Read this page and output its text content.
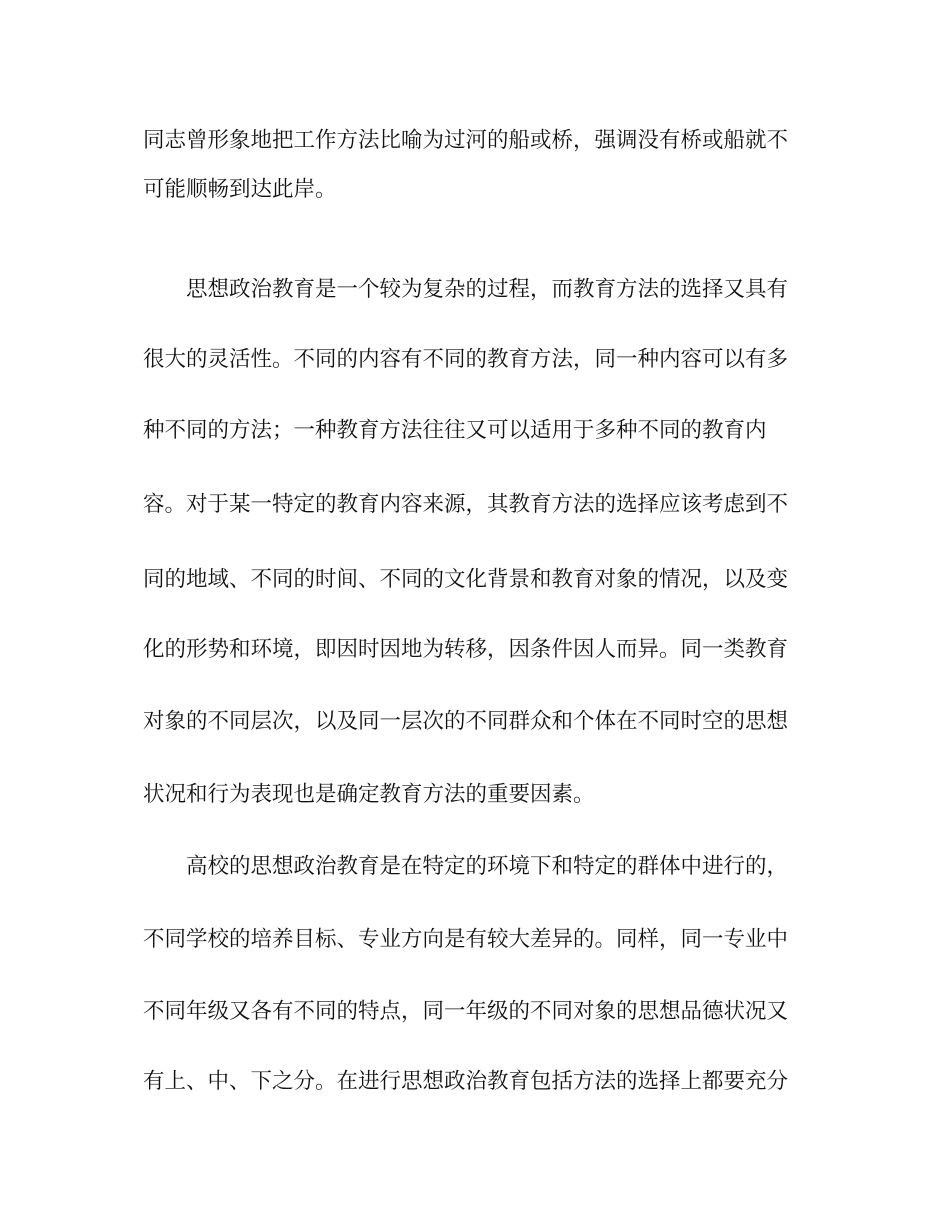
同志曾形象地把工作方法比喻为过河的船或桥，强调没有桥或船就不
可能顺畅到达此岸。
思想政治教育是一个较为复杂的过程，而教育方法的选择又具有
很大的灵活性。不同的内容有不同的教育方法，同一种内容可以有多
种不同的方法；一种教育方法往往又可以适用于多种不同的教育内
容。对于某一特定的教育内容来源，其教育方法的选择应该考虑到不
同的地域、不同的时间、不同的文化背景和教育对象的情况，以及变
化的形势和环境，即因时因地为转移，因条件因人而异。同一类教育
对象的不同层次，以及同一层次的不同群众和个体在不同时空的思想
状况和行为表现也是确定教育方法的重要因素。
高校的思想政治教育是在特定的环境下和特定的群体中进行的，
不同学校的培养目标、专业方向是有较大差异的。同样，同一专业中
不同年级又各有不同的特点，同一年级的不同对象的思想品德状况又
有上、中、下之分。在进行思想政治教育包括方法的选择上都要充分
